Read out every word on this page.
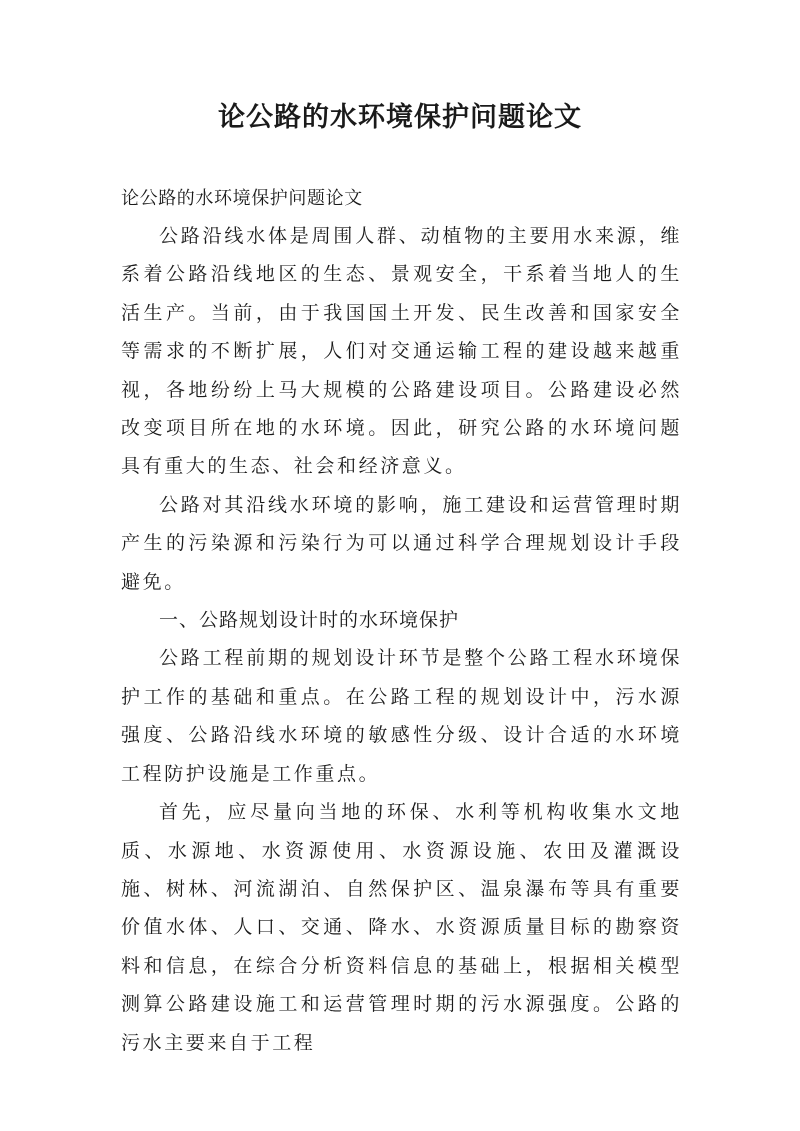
论公路的水环境保护问题论文

论公路的水环境保护问题论文

公路沿线水体是周围人群、动植物的主要用水来源，维系着公路沿线地区的生态、景观安全，干系着当地人的生活生产。当前，由于我国国土开发、民生改善和国家安全等需求的不断扩展，人们对交通运输工程的建设越来越重视，各地纷纷上马大规模的公路建设项目。公路建设必然改变项目所在地的水环境。因此，研究公路的水环境问题具有重大的生态、社会和经济意义。

公路对其沿线水环境的影响，施工建设和运营管理时期产生的污染源和污染行为可以通过科学合理规划设计手段避免。

一、公路规划设计时的水环境保护

公路工程前期的规划设计环节是整个公路工程水环境保护工作的基础和重点。在公路工程的规划设计中，污水源强度、公路沿线水环境的敏感性分级、设计合适的水环境工程防护设施是工作重点。

首先，应尽量向当地的环保、水利等机构收集水文地质、水源地、水资源使用、水资源设施、农田及灌溉设施、树林、河流湖泊、自然保护区、温泉瀑布等具有重要价值水体、人口、交通、降水、水资源质量目标的勘察资料和信息，在综合分析资料信息的基础上，根据相关模型测算公路建设施工和运营管理时期的污水源强度。公路的污水主要来自于工程
